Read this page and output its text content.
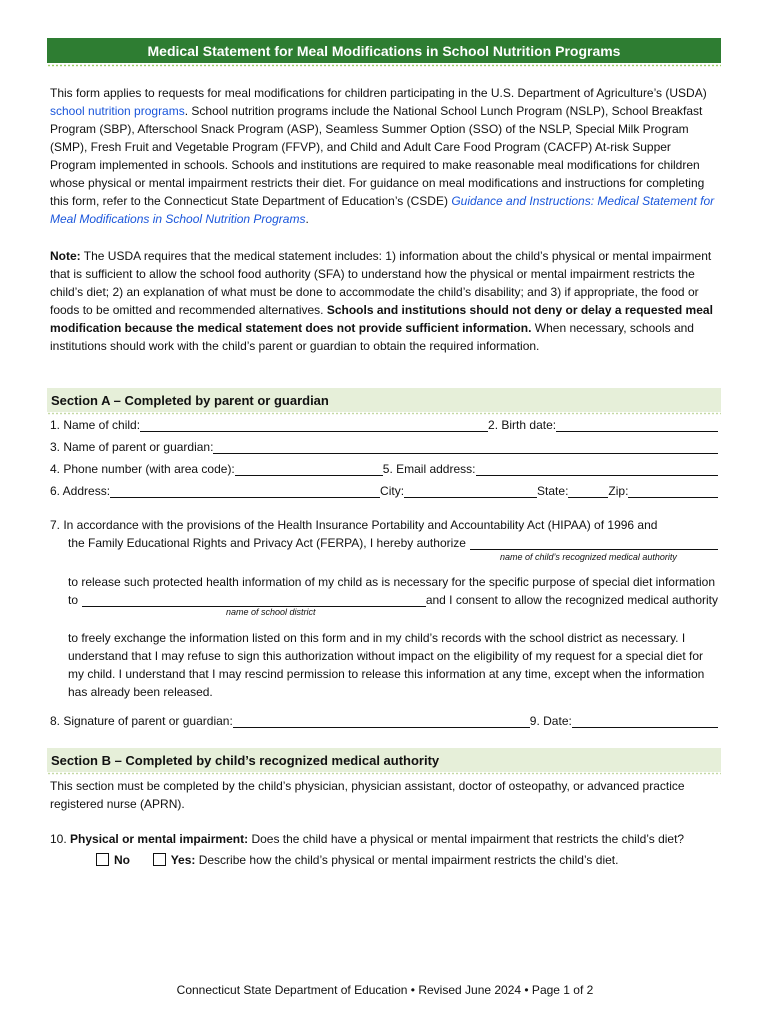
Medical Statement for Meal Modifications in School Nutrition Programs
This form applies to requests for meal modifications for children participating in the U.S. Department of Agriculture’s (USDA) school nutrition programs. School nutrition programs include the National School Lunch Program (NSLP), School Breakfast Program (SBP), Afterschool Snack Program (ASP), Seamless Summer Option (SSO) of the NSLP, Special Milk Program (SMP), Fresh Fruit and Vegetable Program (FFVP), and Child and Adult Care Food Program (CACFP) At-risk Supper Program implemented in schools. Schools and institutions are required to make reasonable meal modifications for children whose physical or mental impairment restricts their diet. For guidance on meal modifications and instructions for completing this form, refer to the Connecticut State Department of Education’s (CSDE) Guidance and Instructions: Medical Statement for Meal Modifications in School Nutrition Programs.
Note: The USDA requires that the medical statement includes: 1) information about the child’s physical or mental impairment that is sufficient to allow the school food authority (SFA) to understand how the physical or mental impairment restricts the child’s diet; 2) an explanation of what must be done to accommodate the child’s disability; and 3) if appropriate, the food or foods to be omitted and recommended alternatives. Schools and institutions should not deny or delay a requested meal modification because the medical statement does not provide sufficient information. When necessary, schools and institutions should work with the child’s parent or guardian to obtain the required information.
Section A – Completed by parent or guardian
1. Name of child:	2. Birth date:
3. Name of parent or guardian:
4. Phone number (with area code):	5. Email address:
6. Address:	City:	State:	Zip:
7. In accordance with the provisions of the Health Insurance Portability and Accountability Act (HIPAA) of 1996 and
the Family Educational Rights and Privacy Act (FERPA), I hereby authorize
name of child’s recognized medical authority
to release such protected health information of my child as is necessary for the specific purpose of special diet information
to	and I consent to allow the recognized medical authority
name of school district
to freely exchange the information listed on this form and in my child’s records with the school district as necessary. I understand that I may refuse to sign this authorization without impact on the eligibility of my request for a special diet for my child. I understand that I may rescind permission to release this information at any time, except when the information has already been released.
8. Signature of parent or guardian:	9. Date:
Section B – Completed by child’s recognized medical authority
This section must be completed by the child’s physician, physician assistant, doctor of osteopathy, or advanced practice registered nurse (APRN).
10. Physical or mental impairment: Does the child have a physical or mental impairment that restricts the child’s diet?
No	Yes: Describe how the child’s physical or mental impairment restricts the child’s diet.
Connecticut State Department of Education • Revised June 2024 • Page 1 of 2
